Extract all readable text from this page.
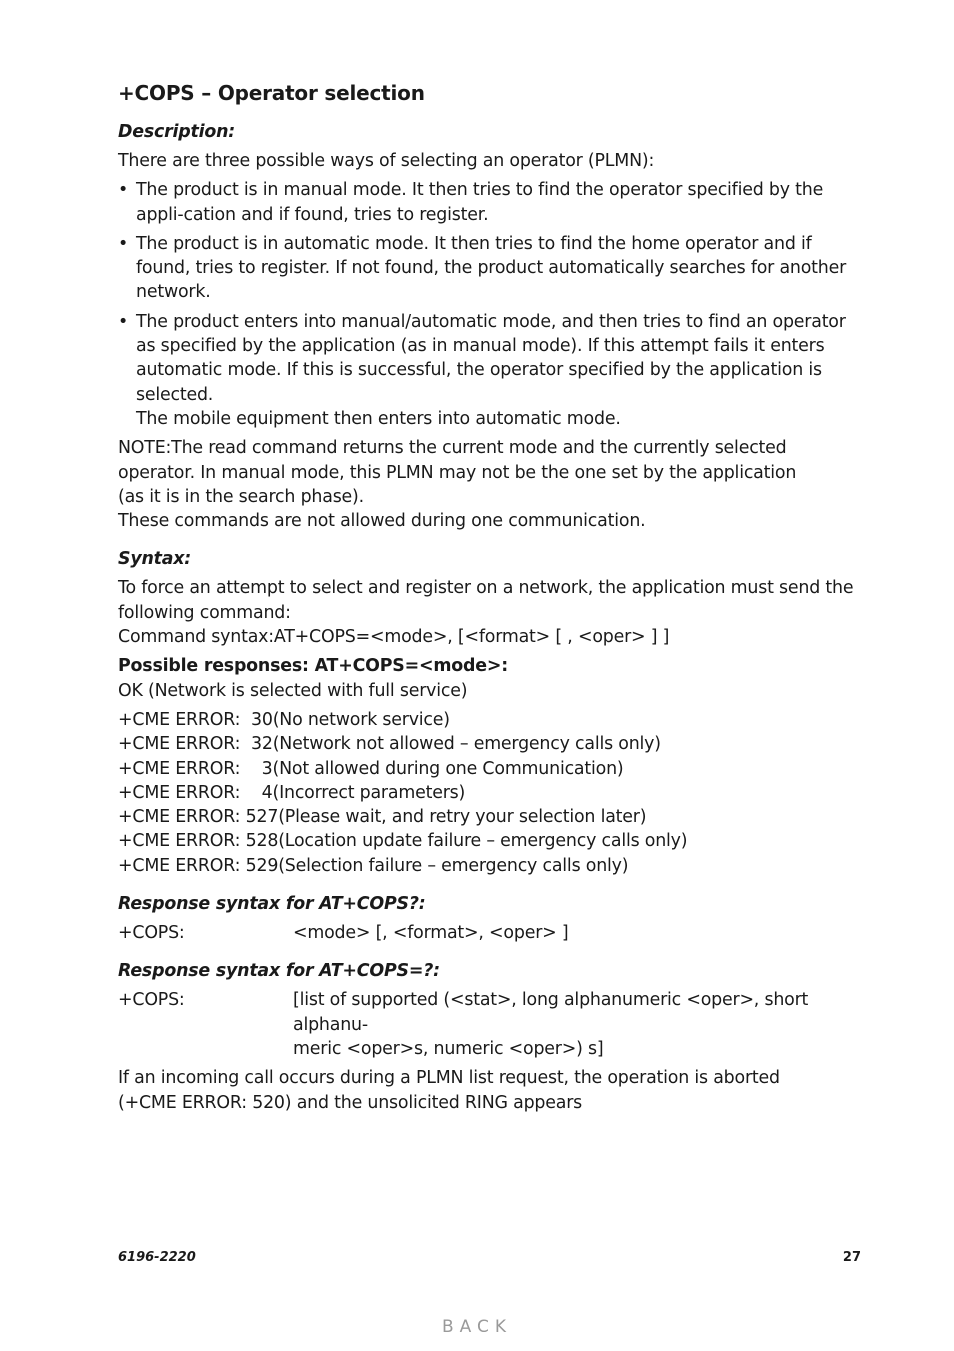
+COPS – Operator selection
Description:

There are three possible ways of selecting an operator (PLMN):

• The product is in manual mode. It then tries to find the operator specified by the appli-cation and if found, tries to register.
• The product is in automatic mode. It then tries to find the home operator and if found, tries to register. If not found, the product automatically searches for another network.
• The product enters into manual/automatic mode, and then tries to find an operator as specified by the application (as in manual mode). If this attempt fails it enters automatic mode. If this is successful, the operator specified by the application is selected.
The mobile equipment then enters into automatic mode.

NOTE:The read command returns the current mode and the currently selected

operator. In manual mode, this PLMN may not be the one set by the application

(as it is in the search phase).

These commands are not allowed during one communication.

Syntax:

To force an attempt to select and register on a network, the application must send the

following command:

Command syntax:AT+COPS=<mode>, [<format> [ , <oper> ] ]

Possible responses: AT+COPS=<mode>:

OK (Network is selected with full service)

+CME ERROR: 30 (No network service)
+CME ERROR: 32 (Network not allowed – emergency calls only)
+CME ERROR: 3 (Not allowed during one Communication)
+CME ERROR: 4 (Incorrect parameters)
+CME ERROR: 527 (Please wait, and retry your selection later)
+CME ERROR: 528 (Location update failure – emergency calls only)
+CME ERROR: 529 (Selection failure – emergency calls only)
Response syntax for AT+COPS?:
+COPS:	<mode> [, <format>, <oper> ]
Response syntax for AT+COPS=?:
+COPS:	[list of supported (<stat>, long alphanumeric <oper>, short alphanu-
meric <oper>s, numeric <oper>) s]

If an incoming call occurs during a PLMN list request, the operation is aborted

(+CME ERROR: 520) and the unsolicited RING appears

6196-2220	27
BACK
